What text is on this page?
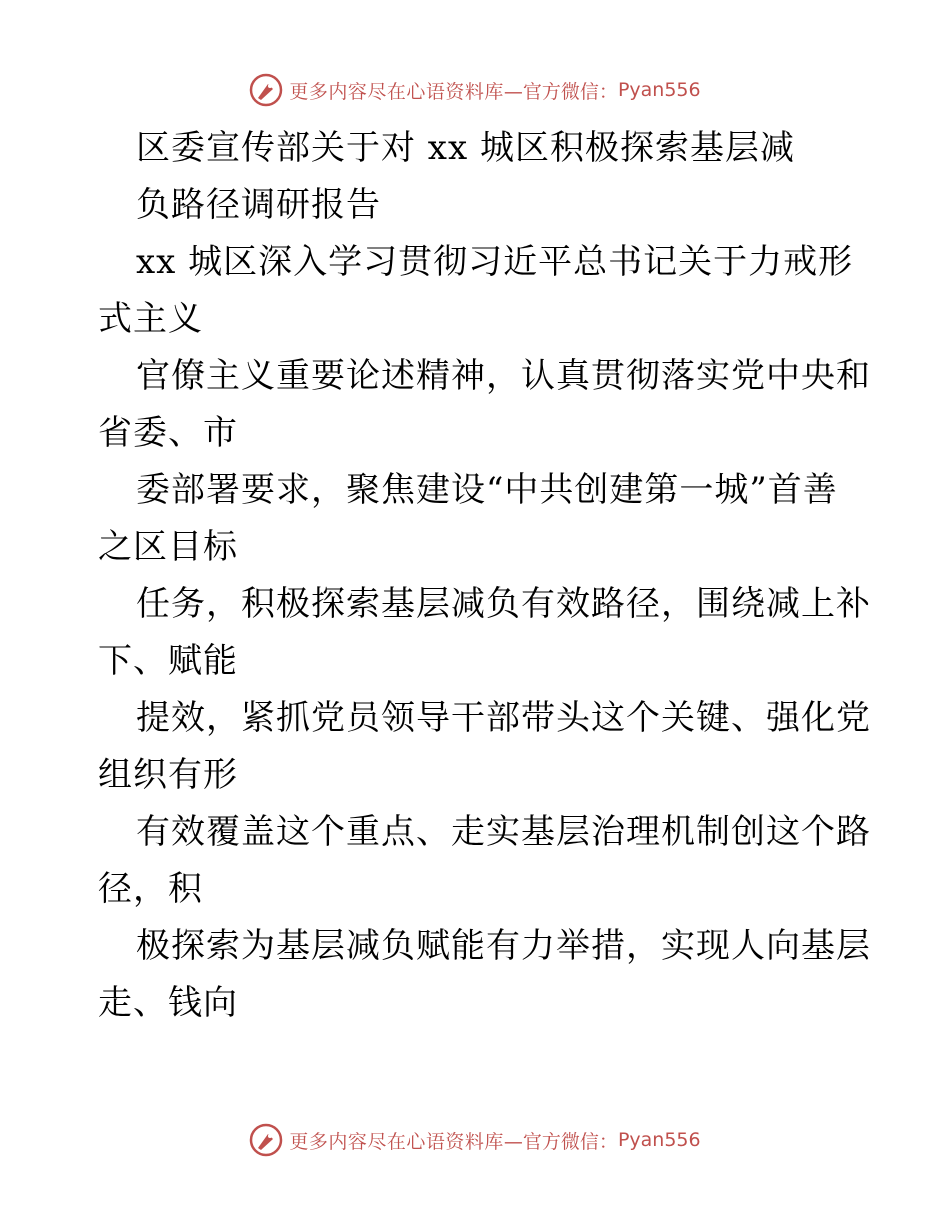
更多内容尽在心语资料库 —官方微信： Pyan556
区委宣传部关于对 xx 城区积极探索基层减
负路径调研报告
xx 城区深入学习贯彻习近平总书记关于力戒形
式主义
官僚主义重要论述精神，认真贯彻落实党中央和
省委、市
委部署要求，聚焦建设“中共创建第一城”首善
之区目标
任务，积极探索基层减负有效路径，围绕减上补
下、赋能
提效，紧抓党员领导干部带头这个关键、强化党
组织有形
有效覆盖这个重点、走实基层治理机制创这个路
径，积
极探索为基层减负赋能有力举措，实现人向基层
走、钱向
更多内容尽在心语资料库 —官方微信： Pyan556
